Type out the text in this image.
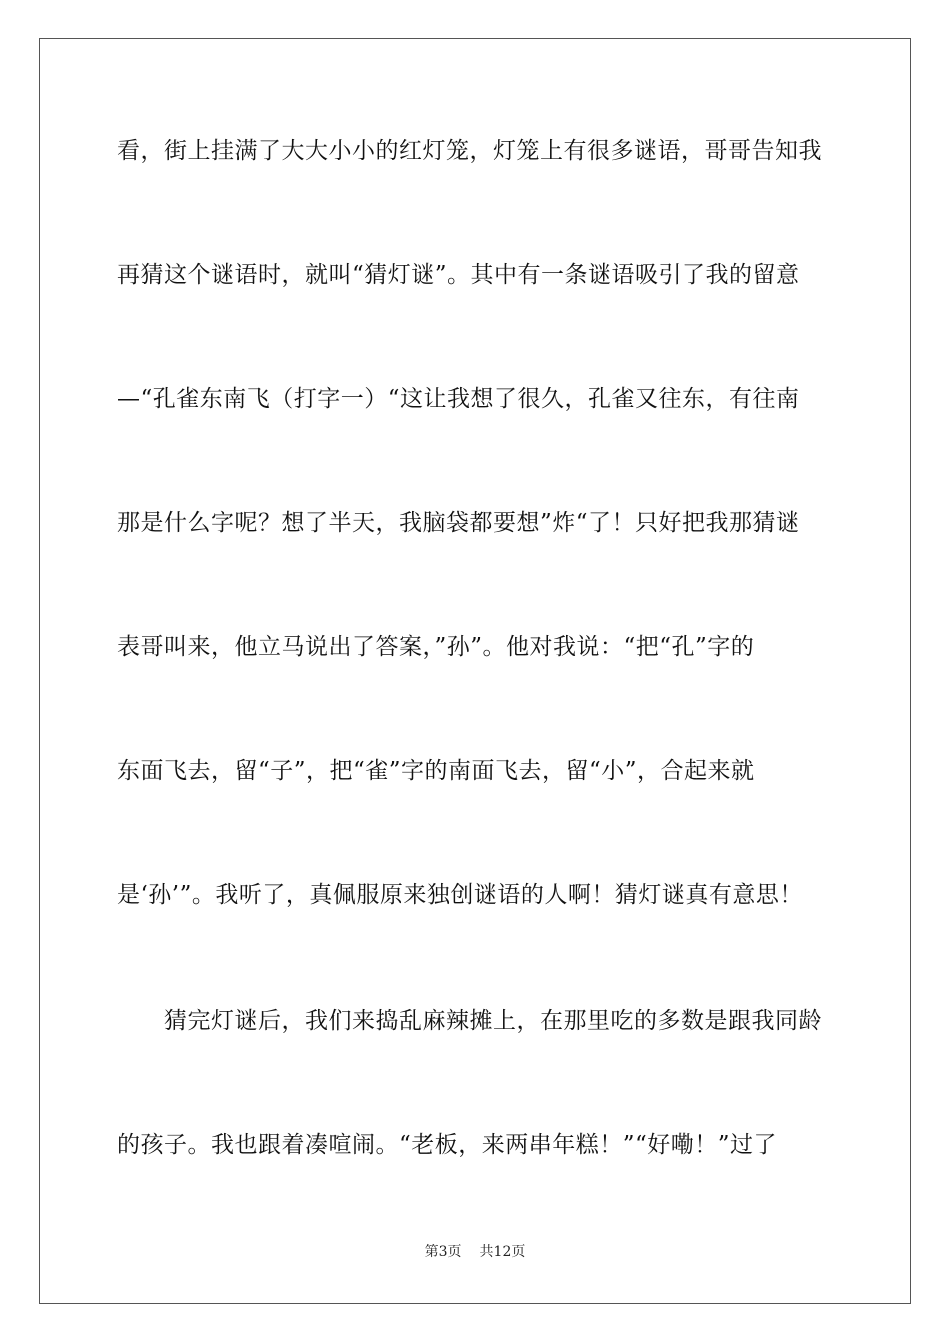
看，街上挂满了大大小小的红灯笼，灯笼上有很多谜语，哥哥告知我
再猜这个谜语时，就叫“猜灯谜”。其中有一条谜语吸引了我的留意
—“孔雀东南飞（打字一）“这让我想了很久，孔雀又往东，有往南
那是什么字呢？想了半天，我脑袋都要想”炸“了！只好把我那猜谜
表哥叫来，他立马说出了答案，”孙”。他对我说：“把“孔”字的
东面飞去，留“子”，把“雀”字的南面飞去，留“小”，合起来就
是‘孙’”。我听了，真佩服原来独创谜语的人啊！猜灯谜真有意思！
　　猜完灯谜后，我们来捣乱麻辣摊上，在那里吃的多数是跟我同龄
的孩子。我也跟着凑喧闹。“老板，来两串年糕！”“好嘞！”过了
第3页 共12页
